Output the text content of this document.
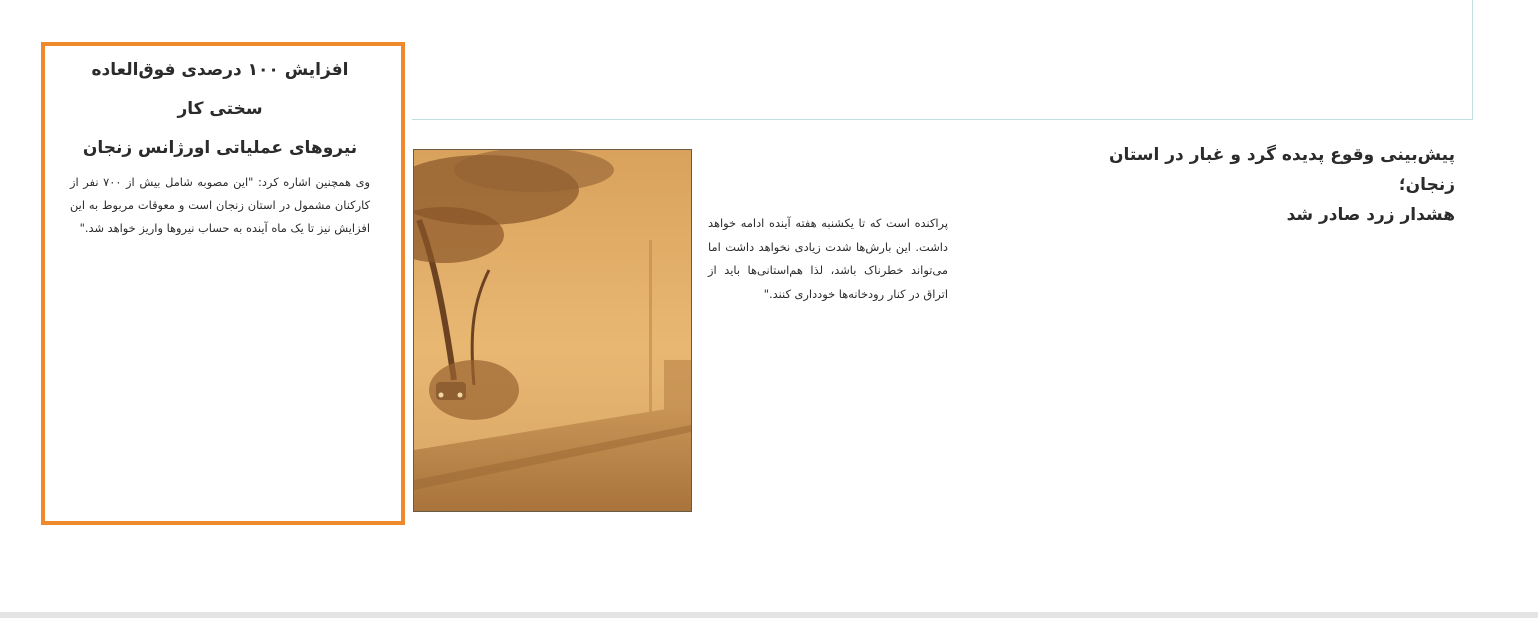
افزایش ۱۰۰ درصدی فوق‌العاده سختی کار

نیروهای عملیاتی اورژانس زنجان

وی همچنین اشاره کرد: "این مصوبه شامل بیش از ۷۰۰ نفر از کارکنان مشمول در استان زنجان است و معوقات مربوط به این افزایش نیز تا یک ماه آینده به حساب نیروها واریز خواهد شد."

پیش‌بینی وقوع پدیده گرد و غبار در استان زنجان؛

هشدار زرد صادر شد

پراکنده است که تا یکشنبه هفته آینده ادامه خواهد داشت. این بارش‌ها شدت زیادی نخواهد داشت اما می‌تواند خطرناک باشد، لذا هم‌استانی‌ها باید از اتراق در کنار رودخانه‌ها خودداری کنند."
